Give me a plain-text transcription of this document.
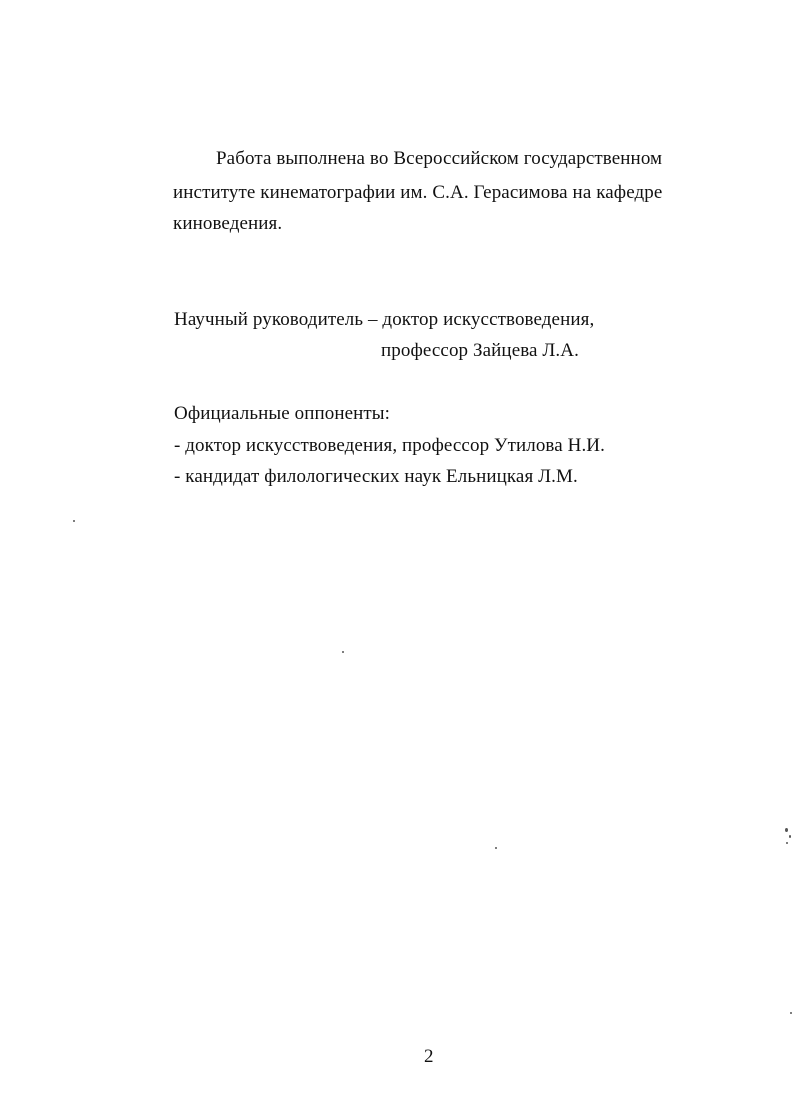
Работа выполнена во Всероссийском государственном
институте кинематографии им. С.А. Герасимова на кафедре
киноведения.
Научный руководитель – доктор искусствоведения,
профессор Зайцева Л.А.
Официальные оппоненты:
- доктор искусствоведения, профессор Утилова Н.И.
- кандидат филологических наук Ельницкая Л.М.
2
